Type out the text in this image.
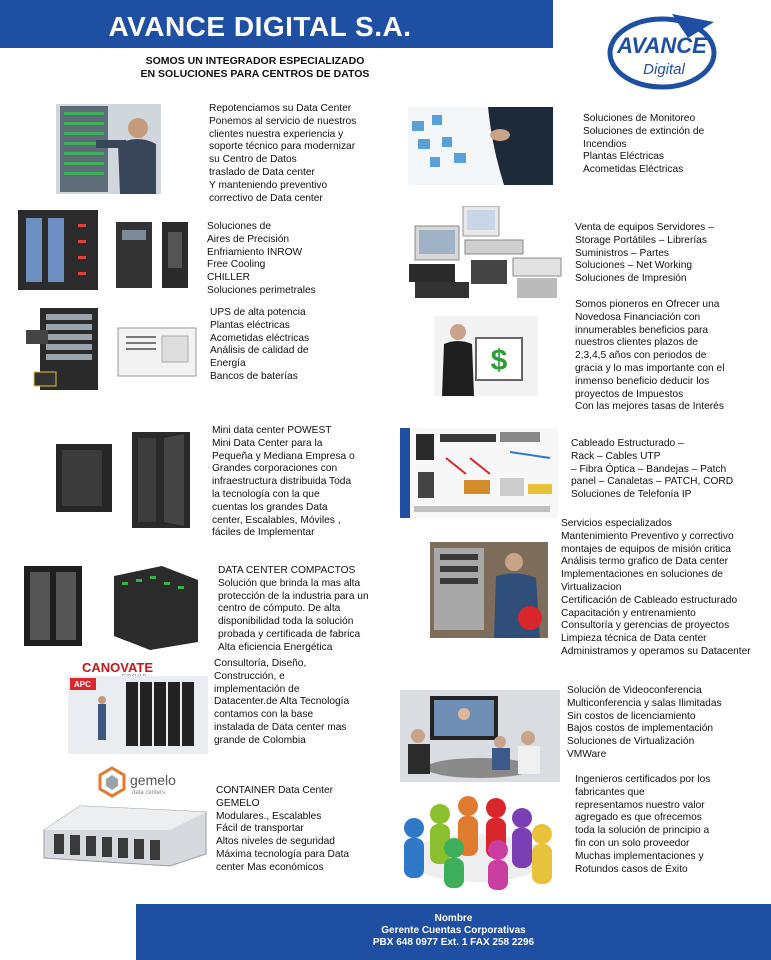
AVANCE DIGITAL S.A.
SOMOS UN INTEGRADOR ESPECIALIZADO
EN SOLUCIONES PARA CENTROS DE DATOS
AVANCE
Digital
Repotenciamos su Data Center
Ponemos al servicio de nuestros
clientes nuestra experiencia y
soporte técnico para modernizar
su Centro de Datos
traslado de Data center
Y manteniendo preventivo
correctivo de Data center
Soluciones de
Aires de Precisión
Enfriamiento INROW
Free Cooling
CHILLER
Soluciones perimetrales
UPS de alta potencia
Plantas eléctricas
Acometidas eléctricas
Análisis de calidad de
Energía
Bancos de baterías
Mini data center POWEST
Mini Data Center para la
Pequeña y Mediana Empresa o
Grandes corporaciones con
infraestructura distribuida Toda
la tecnología con la que
cuentas los grandes Data
center, Escalables, Móviles ,
fáciles de Implementar
DATA CENTER COMPACTOS
Solución que brinda la mas alta
protección de la industria para un
centro de cómputo. De alta
disponibilidad toda la solución
probada y certificada de fabrica
Alta eficiencia Energética
Consultoría, Diseño,
Construcción, e
implementación de
Datacenter.de Alta Tecnología
contamos con la base
instalada de Data center mas
grande de Colombia
CONTAINER Data Center
GEMELO
Modulares., Escalables
Fácil de transportar
Altos niveles de seguridad
Máxima tecnología para Data
center Mas económicos
Soluciones de Monitoreo
Soluciones de extinción de
Incendios
Plantas Eléctricas
Acometidas Eléctricas
Venta de equipos Servidores –
Storage Portátiles – Librerías
Suministros – Partes
Soluciones – Net Working
Soluciones de Impresión
Somos pioneros en Ofrecer una
Novedosa Financiación con
innumerables beneficios para
nuestros clientes plazos de
2,3,4,5 años con periodos de
gracia y lo mas importante con el
inmenso beneficio deducir los
proyectos de Impuestos
Con las mejores tasas de Interés
Cableado Estructurado –
Rack – Cables UTP
– Fibra Óptica – Bandejas – Patch
panel – Canaletas – PATCH, CORD
Soluciones de Telefonía IP
Servicios especializados
Mantenimiento Preventivo y correctivo
montajes de equipos de misión critica
Análisis termo grafico de Data center
Implementaciones en soluciones de
Virtualizacion
Certificación de Cableado estructurado
Capacitación y entrenamiento
Consultoría y gerencias de proyectos
Limpieza técnica de Data center
Administramos y operamos su Datacenter
Solución de Videoconferencia
Multiconferencia y salas Ilimitadas
Sin costos de licenciamiento
Bajos costos de implementación
Soluciones de Virtualización
VMWare
Ingenieros certificados por los
fabricantes que
representamos nuestro valor
agregado es que ofrecemos
toda la solución de principio a
fin con un solo proveedor
Muchas implementaciones y
Rotundos casos de Éxito
CANOVATE
APC
gemelo
data centers
$
Nombre
Gerente Cuentas Corporativas
PBX 648 0977 Ext. 1 FAX 258 2296
